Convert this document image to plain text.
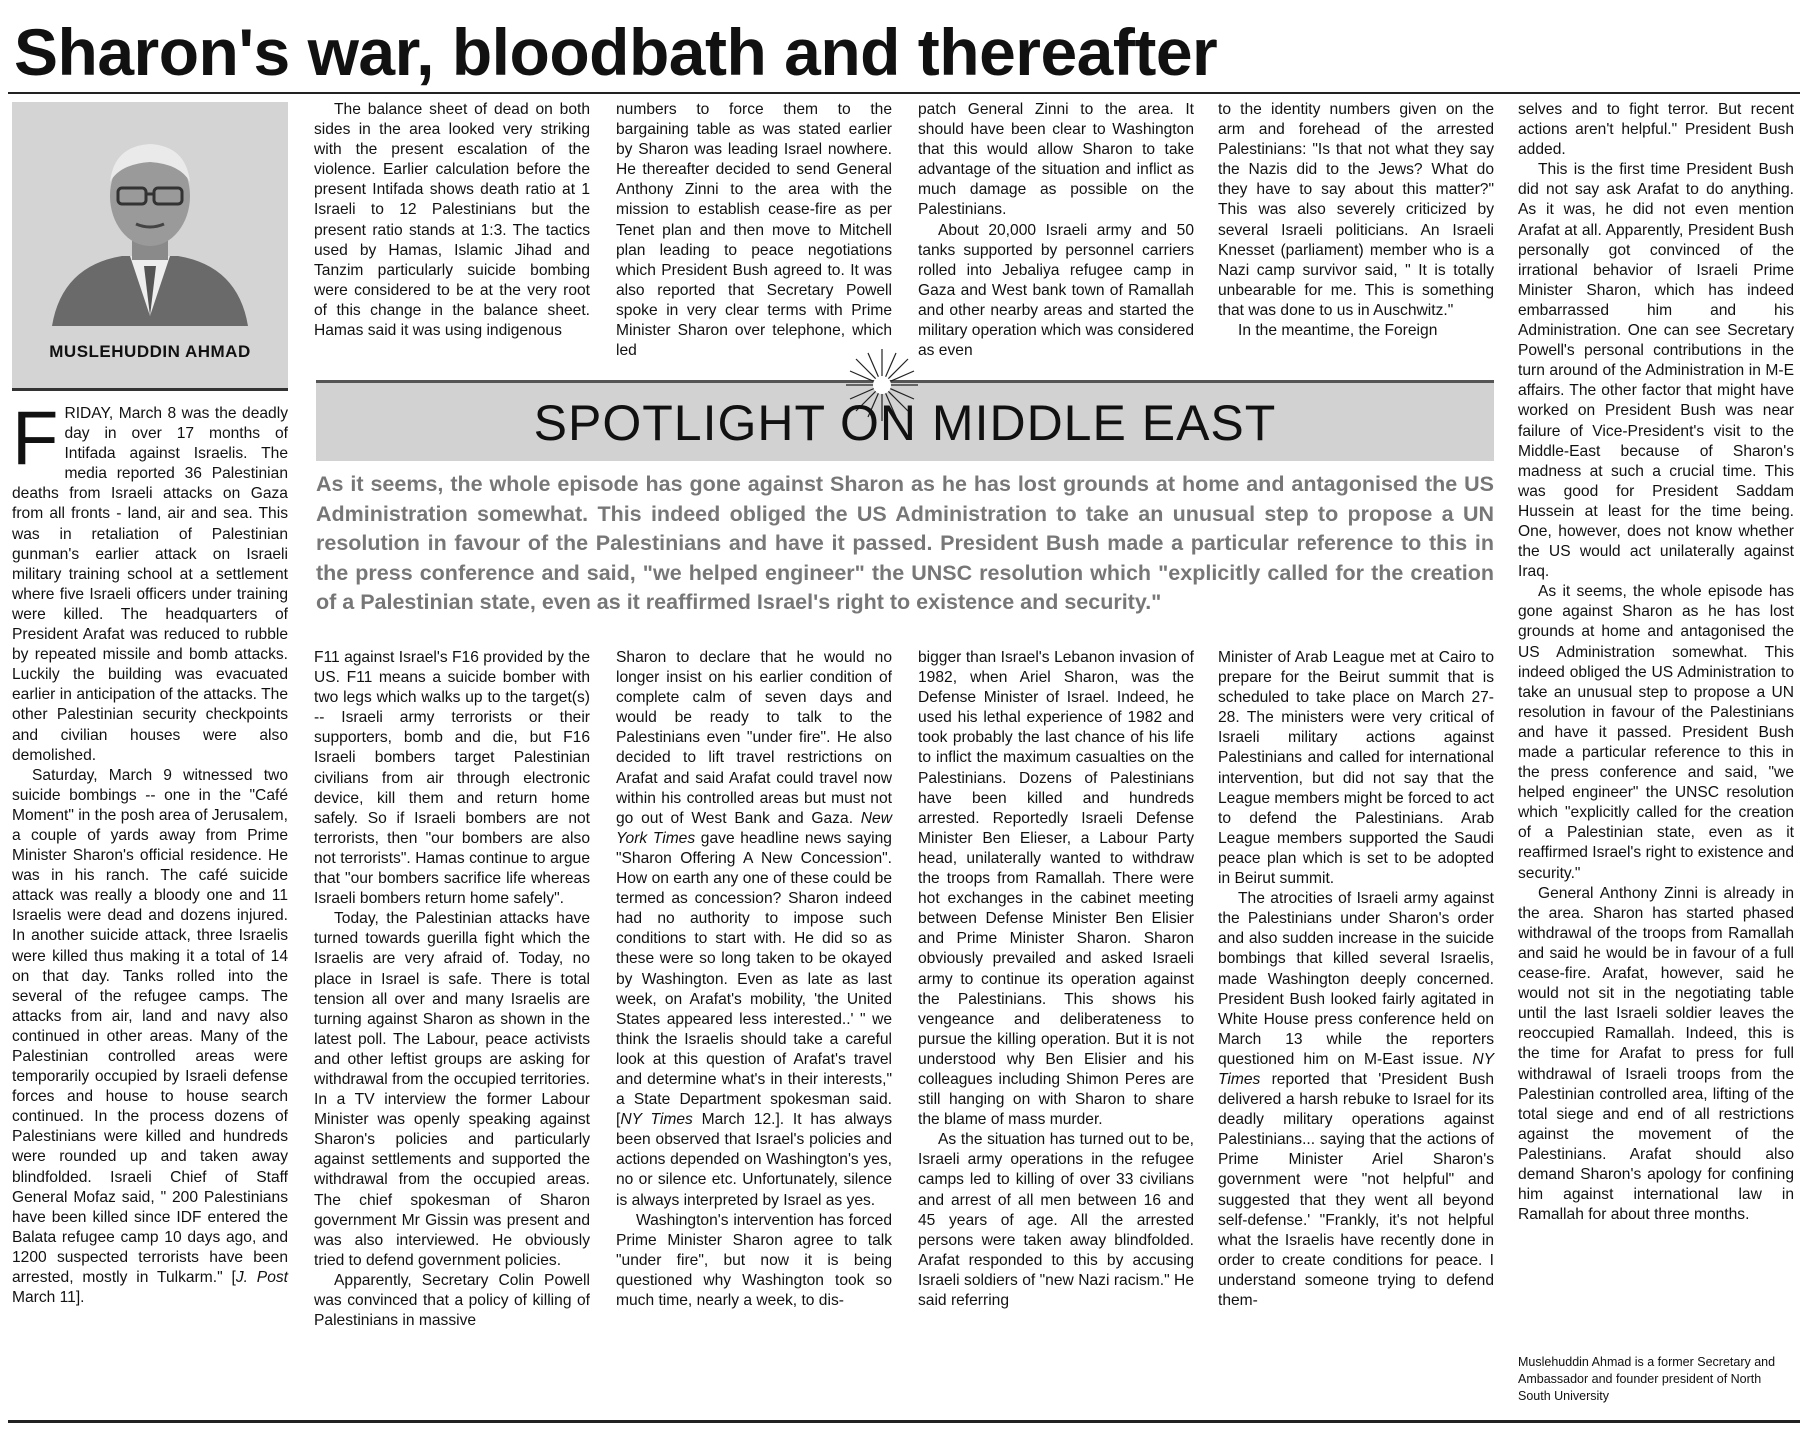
Sharon's war, bloodbath and thereafter
MUSLEHUDDIN AHMAD

FRIDAY, March 8 was the deadly day in over 17 months of Intifada against Israelis. The media reported 36 Palestinian deaths from Israeli attacks on Gaza from all fronts - land, air and sea. This was in retaliation of Palestinian gunman's earlier attack on Israeli military training school at a settlement where five Israeli officers under training were killed. The headquarters of President Arafat was reduced to rubble by repeated missile and bomb attacks. Luckily the building was evacuated earlier in anticipation of the attacks. The other Palestinian security checkpoints and civilian houses were also demolished.

Saturday, March 9 witnessed two suicide bombings -- one in the "Café Moment" in the posh area of Jerusalem, a couple of yards away from Prime Minister Sharon's official residence. He was in his ranch. The café suicide attack was really a bloody one and 11 Israelis were dead and dozens injured. In another suicide attack, three Israelis were killed thus making it a total of 14 on that day. Tanks rolled into the several of the refugee camps. The attacks from air, land and navy also continued in other areas. Many of the Palestinian controlled areas were temporarily occupied by Israeli defense forces and house to house search continued. In the process dozens of Palestinians were killed and hundreds were rounded up and taken away blindfolded. Israeli Chief of Staff General Mofaz said, " 200 Palestinians have been killed since IDF entered the Balata refugee camp 10 days ago, and 1200 suspected terrorists have been arrested, mostly in Tulkarm." [J. Post March 11].

The balance sheet of dead on both sides in the area looked very striking with the present escalation of the violence. Earlier calculation before the present Intifada shows death ratio at 1 Israeli to 12 Palestinians but the present ratio stands at 1:3. The tactics used by Hamas, Islamic Jihad and Tanzim particularly suicide bombing were considered to be at the very root of this change in the balance sheet. Hamas said it was using indigenous

numbers to force them to the bargaining table as was stated earlier by Sharon was leading Israel nowhere. He thereafter decided to send General Anthony Zinni to the area with the mission to establish cease-fire as per Tenet plan and then move to Mitchell plan leading to peace negotiations which President Bush agreed to. It was also reported that Secretary Powell spoke in very clear terms with Prime Minister Sharon over telephone, which led

patch General Zinni to the area. It should have been clear to Washington that this would allow Sharon to take advantage of the situation and inflict as much damage as possible on the Palestinians.

About 20,000 Israeli army and 50 tanks supported by personnel carriers rolled into Jebaliya refugee camp in Gaza and West bank town of Ramallah and other nearby areas and started the military operation which was considered as even

to the identity numbers given on the arm and forehead of the arrested Palestinians: "Is that not what they say the Nazis did to the Jews? What do they have to say about this matter?" This was also severely criticized by several Israeli politicians. An Israeli Knesset (parliament) member who is a Nazi camp survivor said, " It is totally unbearable for me. This is something that was done to us in Auschwitz."

In the meantime, the Foreign

selves and to fight terror. But recent actions aren't helpful." President Bush added.

This is the first time President Bush did not say ask Arafat to do anything. As it was, he did not even mention Arafat at all. Apparently, President Bush personally got convinced of the irrational behavior of Israeli Prime Minister Sharon, which has indeed embarrassed him and his Administration. One can see Secretary Powell's personal contributions in the turn around of the Administration in M-E affairs. The other factor that might have worked on President Bush was near failure of Vice-President's visit to the Middle-East because of Sharon's madness at such a crucial time. This was good for President Saddam Hussein at least for the time being. One, however, does not know whether the US would act unilaterally against Iraq.

As it seems, the whole episode has gone against Sharon as he has lost grounds at home and antagonised the US Administration somewhat. This indeed obliged the US Administration to take an unusual step to propose a UN resolution in favour of the Palestinians and have it passed. President Bush made a particular reference to this in the press conference and said, "we helped engineer" the UNSC resolution which "explicitly called for the creation of a Palestinian state, even as it reaffirmed Israel's right to existence and security."

General Anthony Zinni is already in the area. Sharon has started phased withdrawal of the troops from Ramallah and said he would be in favour of a full cease-fire. Arafat, however, said he would not sit in the negotiating table until the last Israeli soldier leaves the reoccupied Ramallah. Indeed, this is the time for Arafat to press for full withdrawal of Israeli troops from the Palestinian controlled area, lifting of the total siege and end of all restrictions against the movement of the Palestinians. Arafat should also demand Sharon's apology for confining him against international law in Ramallah for about three months.

SPOTLIGHT ON MIDDLE EAST
As it seems, the whole episode has gone against Sharon as he has lost grounds at home and antagonised the US Administration somewhat. This indeed obliged the US Administration to take an unusual step to propose a UN resolution in favour of the Palestinians and have it passed. President Bush made a particular reference to this in the press conference and said, "we helped engineer" the UNSC resolution which "explicitly called for the creation of a Palestinian state, even as it reaffirmed Israel's right to existence and security."

F11 against Israel's F16 provided by the US. F11 means a suicide bomber with two legs which walks up to the target(s) -- Israeli army terrorists or their supporters, bomb and die, but F16 Israeli bombers target Palestinian civilians from air through electronic device, kill them and return home safely. So if Israeli bombers are not terrorists, then "our bombers are also not terrorists". Hamas continue to argue that "our bombers sacrifice life whereas Israeli bombers return home safely".

Today, the Palestinian attacks have turned towards guerilla fight which the Israelis are very afraid of. Today, no place in Israel is safe. There is total tension all over and many Israelis are turning against Sharon as shown in the latest poll. The Labour, peace activists and other leftist groups are asking for withdrawal from the occupied territories. In a TV interview the former Labour Minister was openly speaking against Sharon's policies and particularly against settlements and supported the withdrawal from the occupied areas. The chief spokesman of Sharon government Mr Gissin was present and was also interviewed. He obviously tried to defend government policies.

Apparently, Secretary Colin Powell was convinced that a policy of killing of Palestinians in massive

Sharon to declare that he would no longer insist on his earlier condition of complete calm of seven days and would be ready to talk to the Palestinians even "under fire". He also decided to lift travel restrictions on Arafat and said Arafat could travel now within his controlled areas but must not go out of West Bank and Gaza. New York Times gave headline news saying "Sharon Offering A New Concession". How on earth any one of these could be termed as concession? Sharon indeed had no authority to impose such conditions to start with. He did so as these were so long taken to be okayed by Washington. Even as late as last week, on Arafat's mobility, 'the United States appeared less interested..' " we think the Israelis should take a careful look at this question of Arafat's travel and determine what's in their interests," a State Department spokesman said. [NY Times March 12.]. It has always been observed that Israel's policies and actions depended on Washington's yes, no or silence etc. Unfortunately, silence is always interpreted by Israel as yes.

Washington's intervention has forced Prime Minister Sharon agree to talk "under fire", but now it is being questioned why Washington took so much time, nearly a week, to dis-

bigger than Israel's Lebanon invasion of 1982, when Ariel Sharon, was the Defense Minister of Israel. Indeed, he used his lethal experience of 1982 and took probably the last chance of his life to inflict the maximum casualties on the Palestinians. Dozens of Palestinians have been killed and hundreds arrested. Reportedly Israeli Defense Minister Ben Elieser, a Labour Party head, unilaterally wanted to withdraw the troops from Ramallah. There were hot exchanges in the cabinet meeting between Defense Minister Ben Elisier and Prime Minister Sharon. Sharon obviously prevailed and asked Israeli army to continue its operation against the Palestinians. This shows his vengeance and deliberateness to pursue the killing operation. But it is not understood why Ben Elisier and his colleagues including Shimon Peres are still hanging on with Sharon to share the blame of mass murder.

As the situation has turned out to be, Israeli army operations in the refugee camps led to killing of over 33 civilians and arrest of all men between 16 and 45 years of age. All the arrested persons were taken away blindfolded. Arafat responded to this by accusing Israeli soldiers of "new Nazi racism." He said referring

Minister of Arab League met at Cairo to prepare for the Beirut summit that is scheduled to take place on March 27-28. The ministers were very critical of Israeli military actions against Palestinians and called for international intervention, but did not say that the League members might be forced to act to defend the Palestinians. Arab League members supported the Saudi peace plan which is set to be adopted in Beirut summit.

The atrocities of Israeli army against the Palestinians under Sharon's order and also sudden increase in the suicide bombings that killed several Israelis, made Washington deeply concerned. President Bush looked fairly agitated in White House press conference held on March 13 while the reporters questioned him on M-East issue. NY Times reported that 'President Bush delivered a harsh rebuke to Israel for its deadly military operations against Palestinians... saying that the actions of Prime Minister Ariel Sharon's government were "not helpful" and suggested that they went all beyond self-defense.' "Frankly, it's not helpful what the Israelis have recently done in order to create conditions for peace. I understand someone trying to defend them-

Muslehuddin Ahmad is a former Secretary and Ambassador and founder president of North South University
